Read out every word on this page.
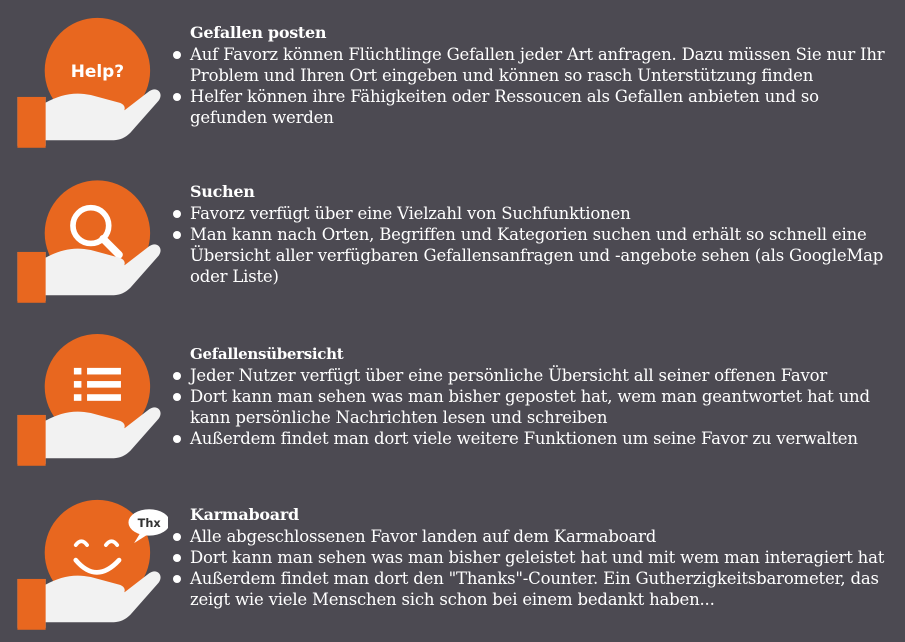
Help?
Gefallen posten
Auf Favorz können Flüchtlinge Gefallen jeder Art anfragen. Dazu müssen Sie nur Ihr Problem und Ihren Ort eingeben und können so rasch Unterstützung finden
Helfer können ihre Fähigkeiten oder Ressoucen als Gefallen anbieten und so gefunden werden
Suchen
Favorz verfügt über eine Vielzahl von Suchfunktionen
Man kann nach Orten, Begriffen und Kategorien suchen und erhält so schnell eine Übersicht aller verfügbaren Gefallensanfragen und -angebote sehen (als GoogleMap oder Liste)
Gefallensübersicht
Jeder Nutzer verfügt über eine persönliche Übersicht all seiner offenen Favor
Dort kann man sehen was man bisher gepostet hat, wem man geantwortet hat und kann persönliche Nachrichten lesen und schreiben
Außerdem findet man dort viele weitere Funktionen um seine Favor zu verwalten
Thx Karmaboard
Alle abgeschlossenen Favor landen auf dem Karmaboard
Dort kann man sehen was man bisher geleistet hat und mit wem man interagiert hat
Außerdem findet man dort den "Thanks"-Counter. Ein Gutherzigkeitsbarometer, das zeigt wie viele Menschen sich schon bei einem bedankt haben...
